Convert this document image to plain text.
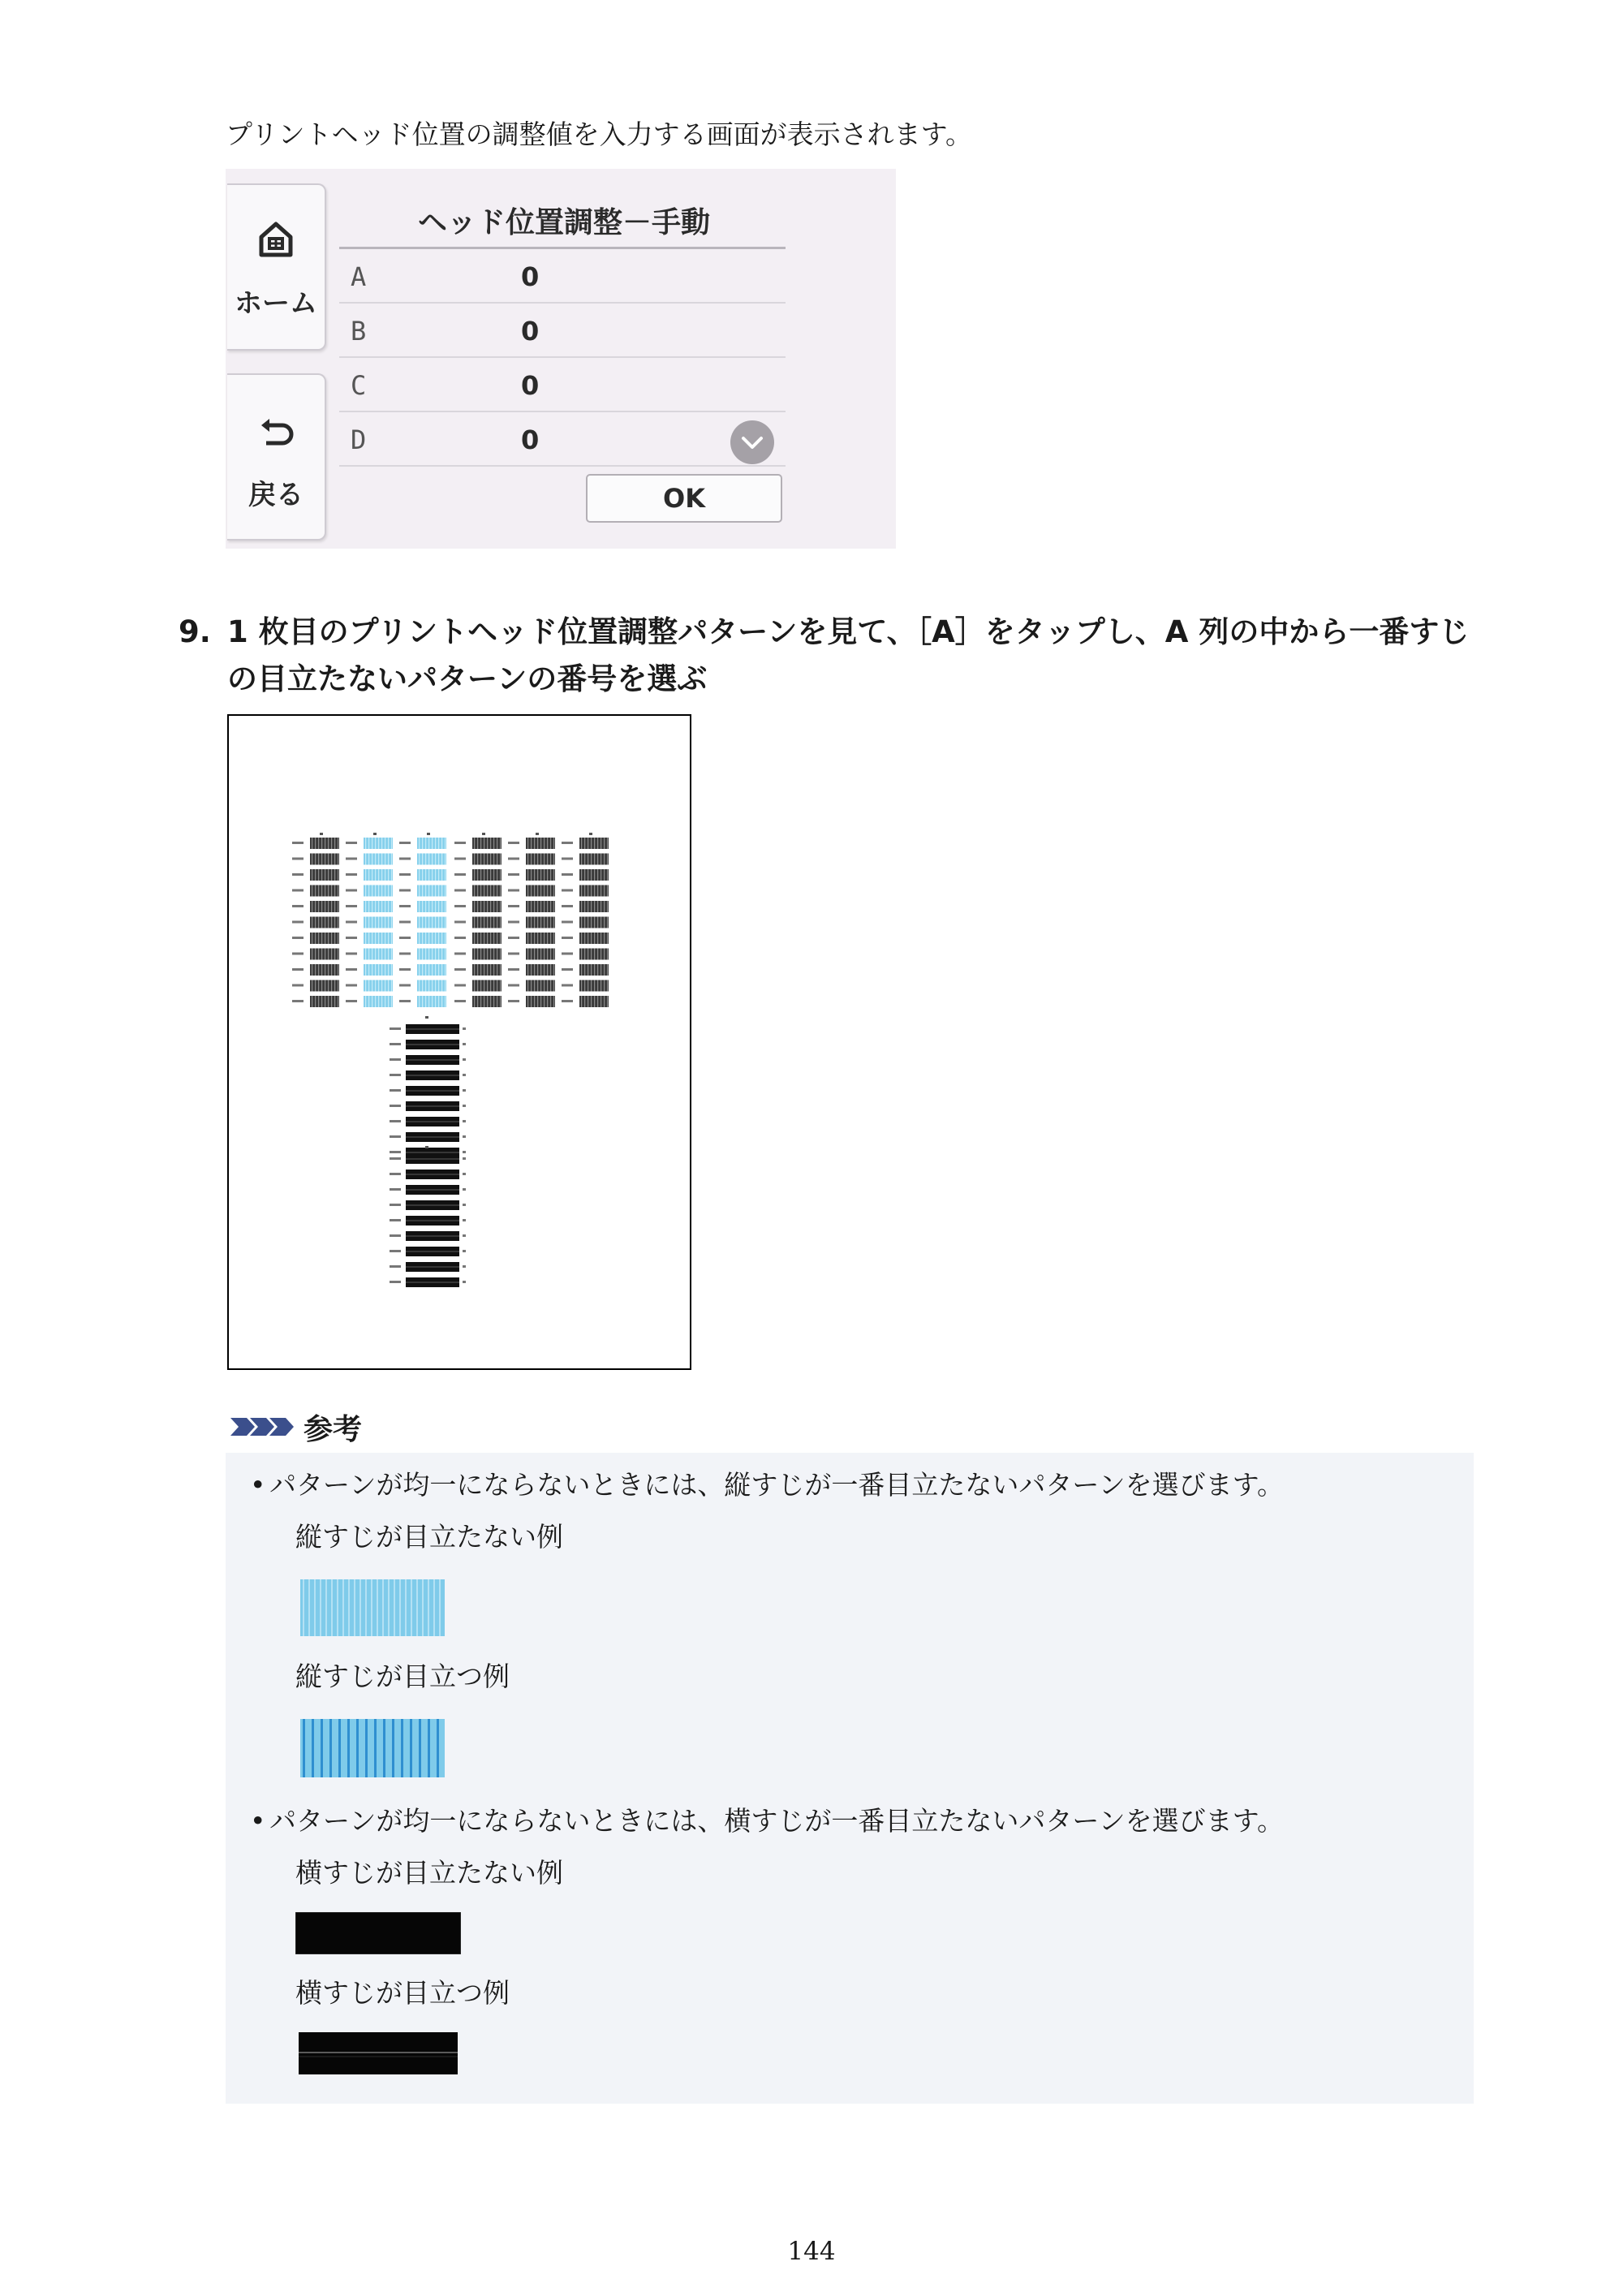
プリントヘッド位置の調整値を入力する画面が表示されます。
ホーム
戻る
ヘッド位置調整－手動
A	0
B	0
C	0
D	0
OK
9. 1 枚目のプリントヘッド位置調整パターンを見て、［A］をタップし、A 列の中から一番すじの目立たないパターンの番号を選ぶ
参考
• パターンが均一にならないときには、縦すじが一番目立たないパターンを選びます。
縦すじが目立たない例
縦すじが目立つ例
• パターンが均一にならないときには、横すじが一番目立たないパターンを選びます。
横すじが目立たない例
横すじが目立つ例
144
